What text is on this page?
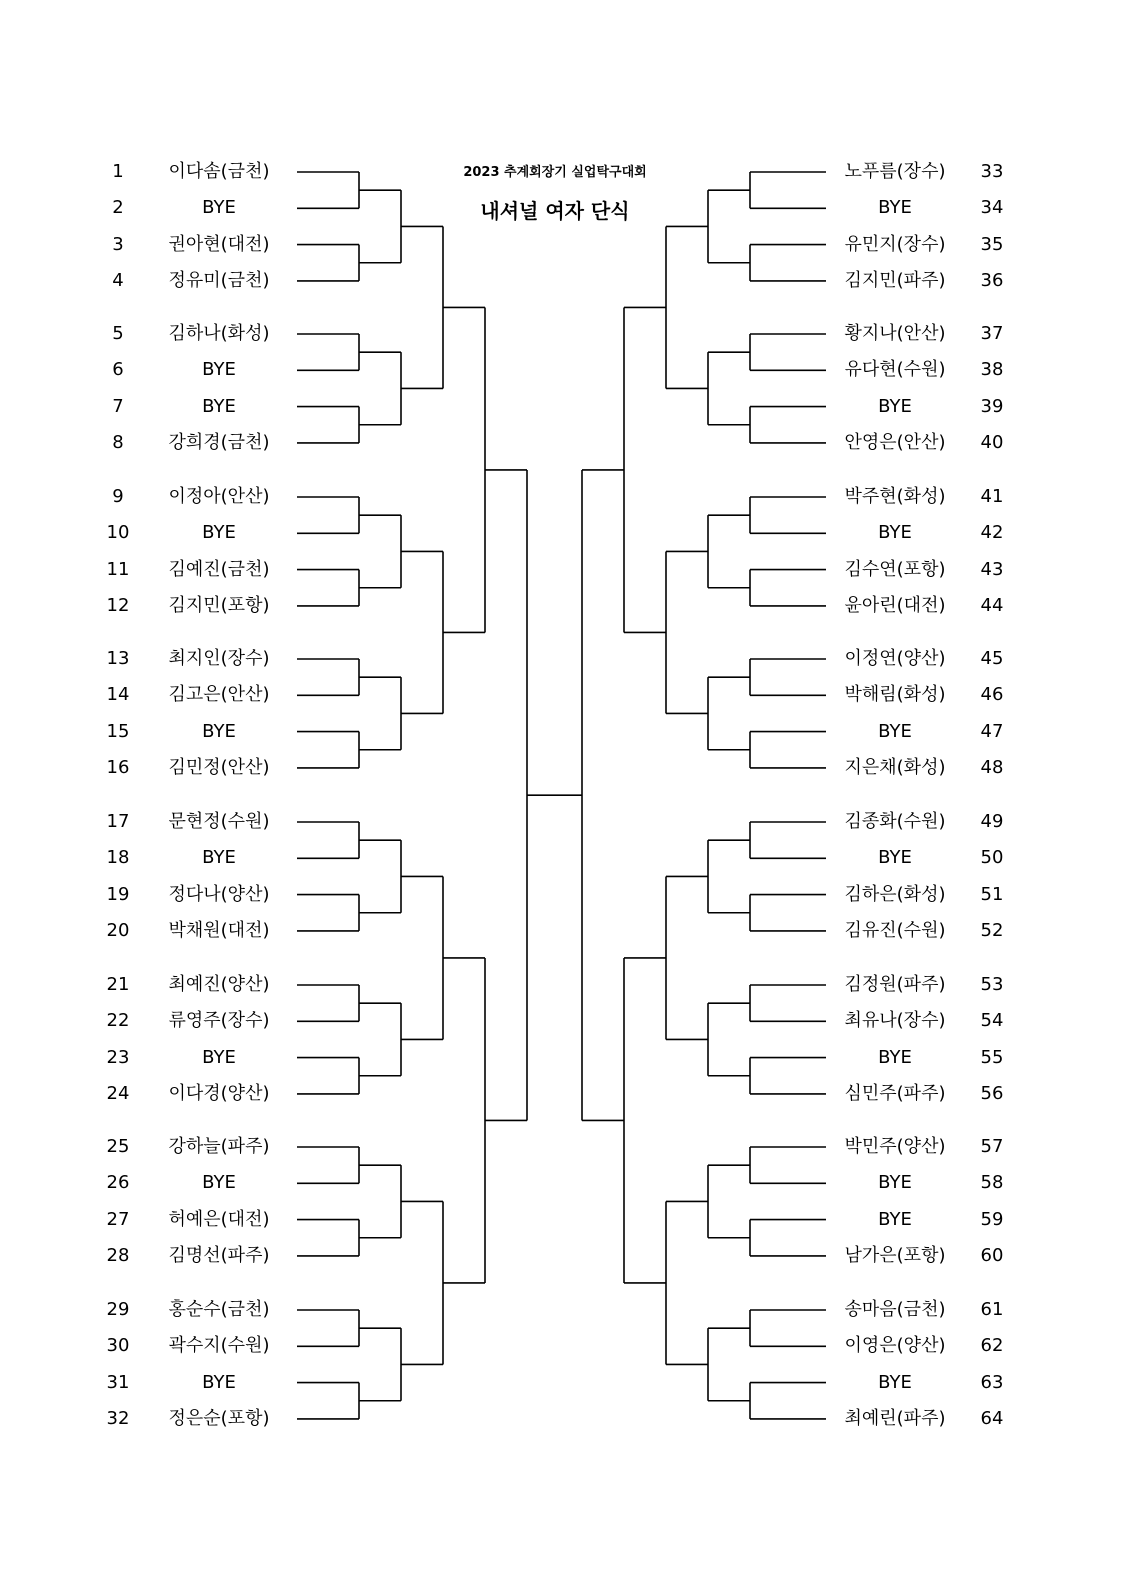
2023 추계회장기 실업탁구대회
내셔널 여자 단식
1	이다솜(금천)
2	BYE
3	권아현(대전)
4	정유미(금천)
5	김하나(화성)
6	BYE
7	BYE
8	강희경(금천)
9	이정아(안산)
10	BYE
11	김예진(금천)
12	김지민(포항)
13	최지인(장수)
14	김고은(안산)
15	BYE
16	김민정(안산)
17	문현정(수원)
18	BYE
19	정다나(양산)
20	박채원(대전)
21	최예진(양산)
22	류영주(장수)
23	BYE
24	이다경(양산)
25	강하늘(파주)
26	BYE
27	허예은(대전)
28	김명선(파주)
29	홍순수(금천)
30	곽수지(수원)
31	BYE
32	정은순(포항)
노푸름(장수)	33
BYE	34
유민지(장수)	35
김지민(파주)	36
황지나(안산)	37
유다현(수원)	38
BYE	39
안영은(안산)	40
박주현(화성)	41
BYE	42
김수연(포항)	43
윤아린(대전)	44
이정연(양산)	45
박해림(화성)	46
BYE	47
지은채(화성)	48
김종화(수원)	49
BYE	50
김하은(화성)	51
김유진(수원)	52
김정원(파주)	53
최유나(장수)	54
BYE	55
심민주(파주)	56
박민주(양산)	57
BYE	58
BYE	59
남가은(포항)	60
송마음(금천)	61
이영은(양산)	62
BYE	63
최예린(파주)	64
